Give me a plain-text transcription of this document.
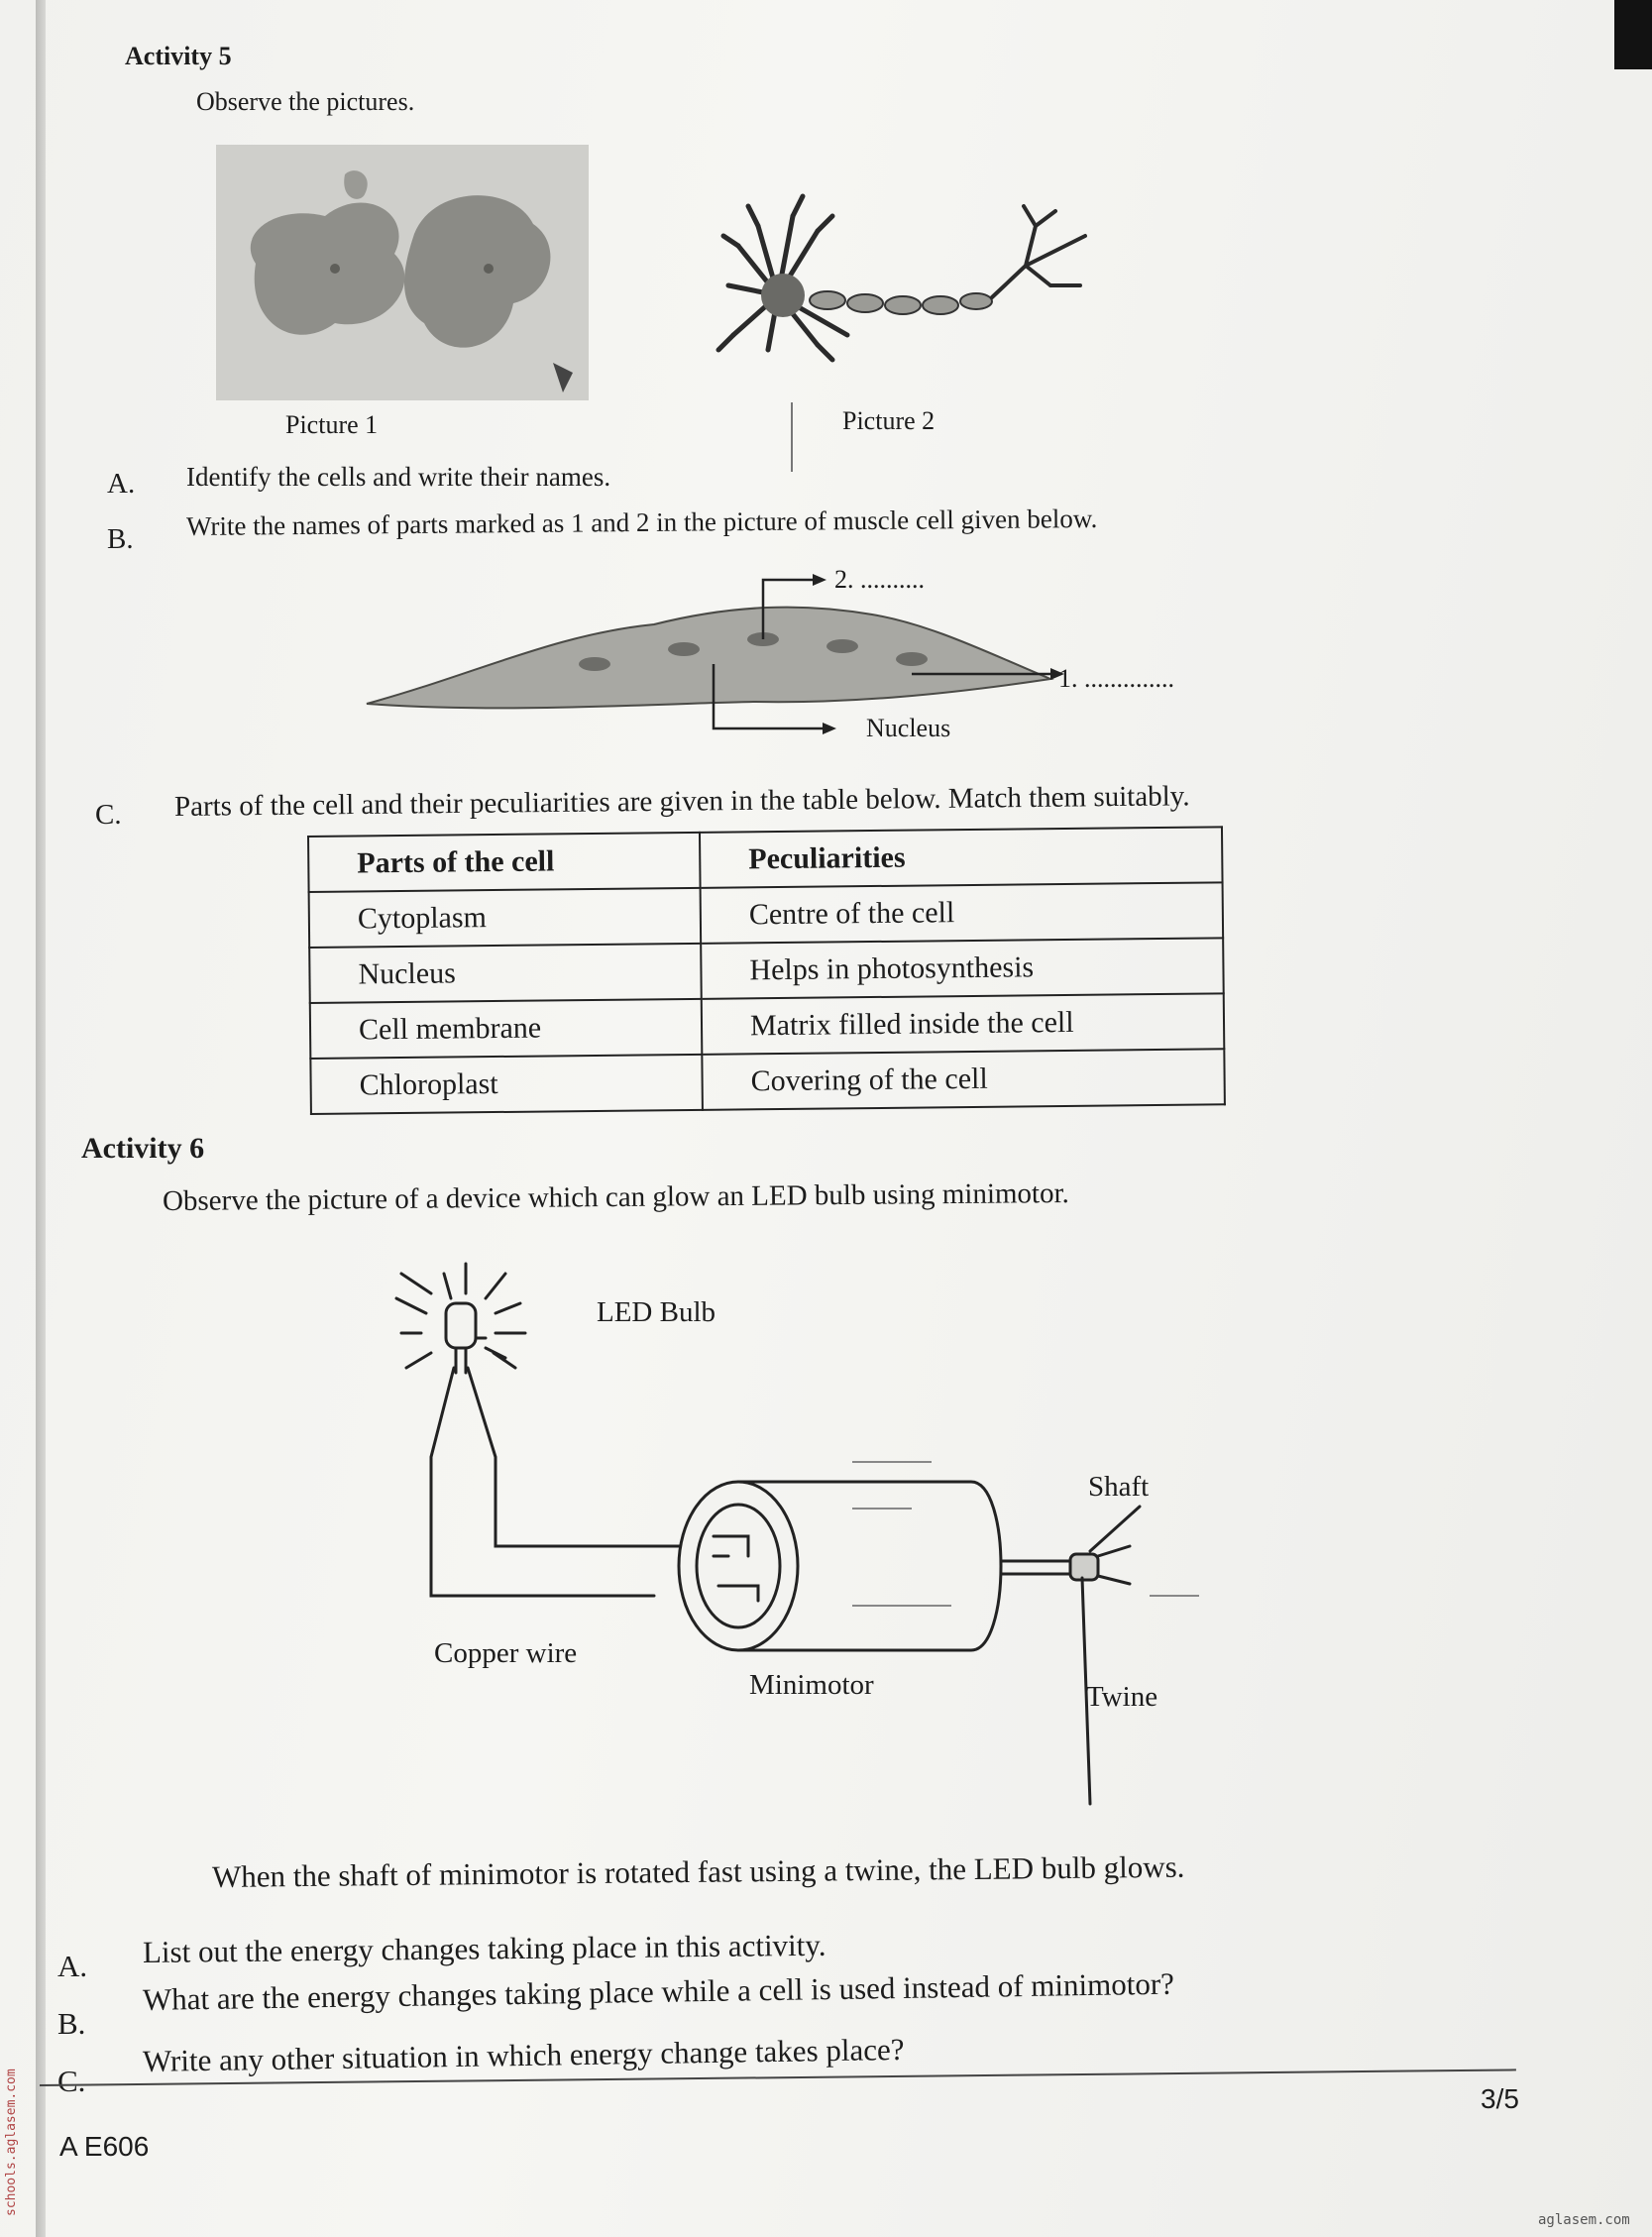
Activity 5
Observe the pictures.
Picture 1	Picture 2
A. Identify the cells and write their names.
B. Write the names of parts marked as 1 and 2 in the picture of muscle cell given below.
2. ..........
1. ..............
Nucleus
C. Parts of the cell and their peculiarities are given in the table below. Match them suitably.
Parts of the cell	Peculiarities
Cytoplasm	Centre of the cell
Nucleus	Helps in photosynthesis
Cell membrane	Matrix filled inside the cell
Chloroplast	Covering of the cell
Activity 6
Observe the picture of a device which can glow an LED bulb using minimotor.
LED Bulb
Shaft
Copper wire
Minimotor	Twine
When the shaft of minimotor is rotated fast using a twine, the LED bulb glows.
A. List out the energy changes taking place in this activity.
B.
What are the energy changes taking place while a cell is used instead of minimotor?
C.
Write any other situation in which energy change takes place?
3/5
A E606
schools.aglasem.com
aglasem.com
